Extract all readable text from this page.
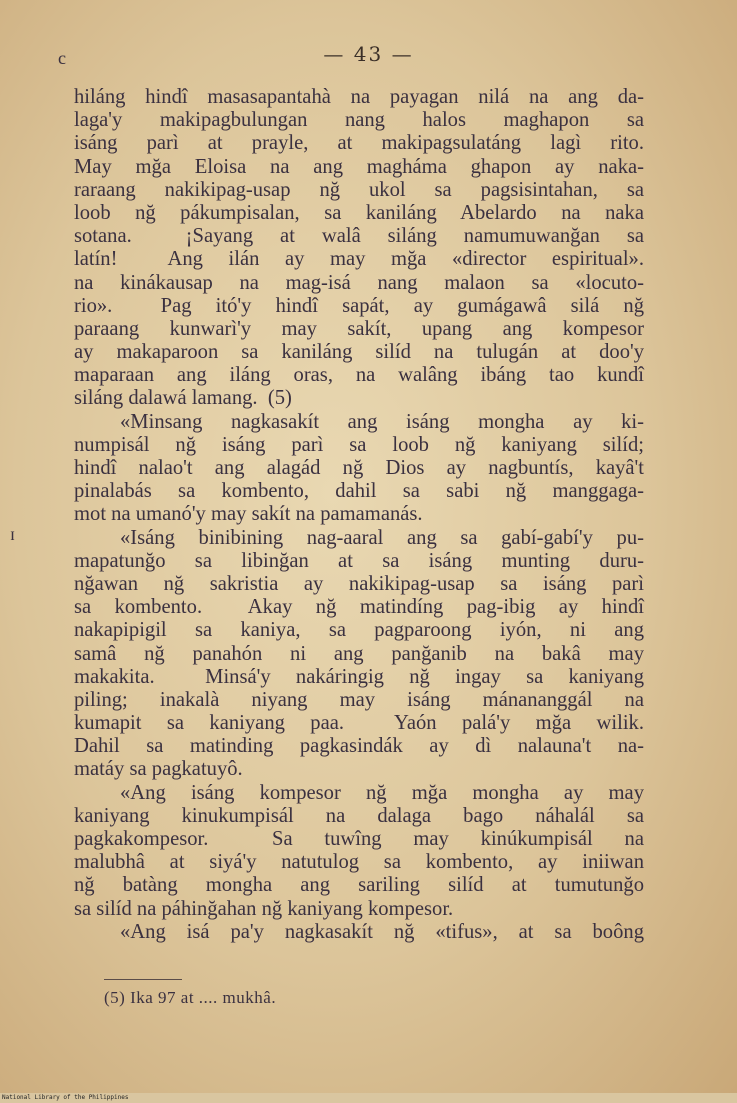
— 43 —
c
ɪ
hiláng hindî masasapantahà na payagan nilá na ang da-
laga'y makipagbulungan nang halos maghapon sa
isáng parì at prayle, at makipagsulatáng lagì rito.
May mğa Eloisa na ang magháma ghapon ay naka-
raraang nakikipag-usap nğ ukol sa pagsisintahan, sa
loob nğ pákumpisalan, sa kaniláng Abelardo na naka
sotana.  ¡Sayang at walâ siláng namumuwanğan sa
latín!  Ang ilán ay may mğa «director espiritual».
na kinákausap na mag-isá nang malaon sa «locuto-
rio».  Pag itó'y hindî sapát, ay gumágawâ silá nğ
paraang kunwarì'y may sakít, upang ang kompesor
ay makaparoon sa kaniláng silíd na tulugán at doo'y
maparaan ang iláng oras, na walâng ibáng tao kundî
siláng dalawá lamang.  (5)
«Minsang nagkasakít ang isáng mongha ay ki-
numpisál nğ isáng parì sa loob nğ kaniyang silíd;
hindî nalao't ang alagád nğ Dios ay nagbuntís, kayâ't
pinalabás sa kombento, dahil sa sabi nğ manggaga-
mot na umanó'y may sakít na pamamanás.
«Isáng binibining nag-aaral ang sa gabí-gabí'y pu-
mapatunğo sa libinğan at sa isáng munting duru-
nğawan nğ sakristia ay nakikipag-usap sa isáng parì
sa kombento.  Akay nğ matindíng pag-ibig ay hindî
nakapipigil sa kaniya, sa pagparoong iyón, ni ang
samâ nğ panahón ni ang panğanib na bakâ may
makakita.  Minsá'y nakáringig nğ ingay sa kaniyang
piling; inakalà niyang may isáng mánananggál na
kumapit sa kaniyang paa.  Yaón palá'y mğa wilik.
Dahil sa matinding pagkasindák ay dì nalauna't na-
matáy sa pagkatuyô.
«Ang isáng kompesor nğ mğa mongha ay may
kaniyang kinukumpisál na dalaga bago náhalál sa
pagkakompesor.  Sa tuwîng may kinúkumpisál na
malubhâ at siyá'y natutulog sa kombento, ay iniiwan
nğ batàng mongha ang sariling silíd at tumutunğo
sa silíd na páhinğahan nğ kaniyang kompesor.
«Ang isá pa'y nagkasakít nğ «tifus», at sa boông
(5) Ika 97 at .... mukhâ.
National Library of the Philippines
